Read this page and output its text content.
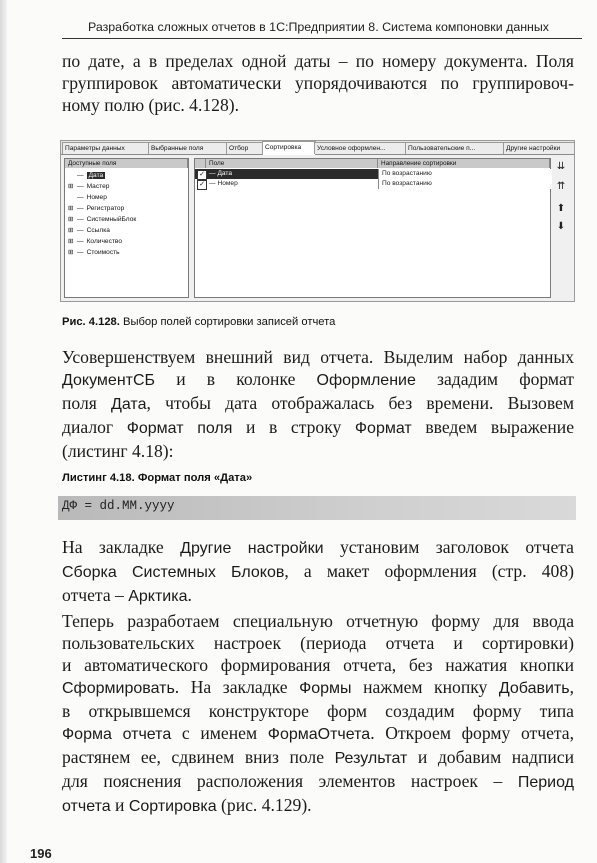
Разработка сложных отчетов в 1С:Предприятии 8. Система компоновки данных
по дате, а в пределах одной даты – по номеру документа. Поля
группировок автоматически упорядочиваются по группировоч-
ному полю (рис. 4.128).
Параметры данных	Выбранные поля	Отбор	Сортировка	Условное оформлен...	Пользовательские п...	Другие настройки
Доступные поля
— Дата
⊞ — Мастер
— Номер
⊞ — Регистратор
⊞ — СистемныйБлок
⊞ — Ссылка
⊞ — Количество
⊞ — Стоимость
Поле	Направление сортировки
✓ — Дата	По возрастанию
✓ — Номер	По возрастанию
⇊
⇈
⬆
⬇
Рис. 4.128. Выбор полей сортировки записей отчета
Усовершенствуем внешний вид отчета. Выделим набор данных
ДокументСБ и в колонке Оформление зададим формат
поля Дата, чтобы дата отображалась без времени. Вызовем
диалог Формат поля и в строку Формат введем выражение
(листинг 4.18):
Листинг 4.18. Формат поля «Дата»
ДФ = dd.MM.yyyy
На закладке Другие настройки установим заголовок отчета
Сборка Системных Блоков, а макет оформления (стр. 408)
отчета – Арктика.
Теперь разработаем специальную отчетную форму для ввода
пользовательских настроек (периода отчета и сортировки)
и автоматического формирования отчета, без нажатия кнопки
Сформировать. На закладке Формы нажмем кнопку Добавить,
в открывшемся конструкторе форм создадим форму типа
Форма отчета с именем ФормаОтчета. Откроем форму отчета,
растянем ее, сдвинем вниз поле Результат и добавим надписи
для пояснения расположения элементов настроек – Период
отчета и Сортировка (рис. 4.129).
196
